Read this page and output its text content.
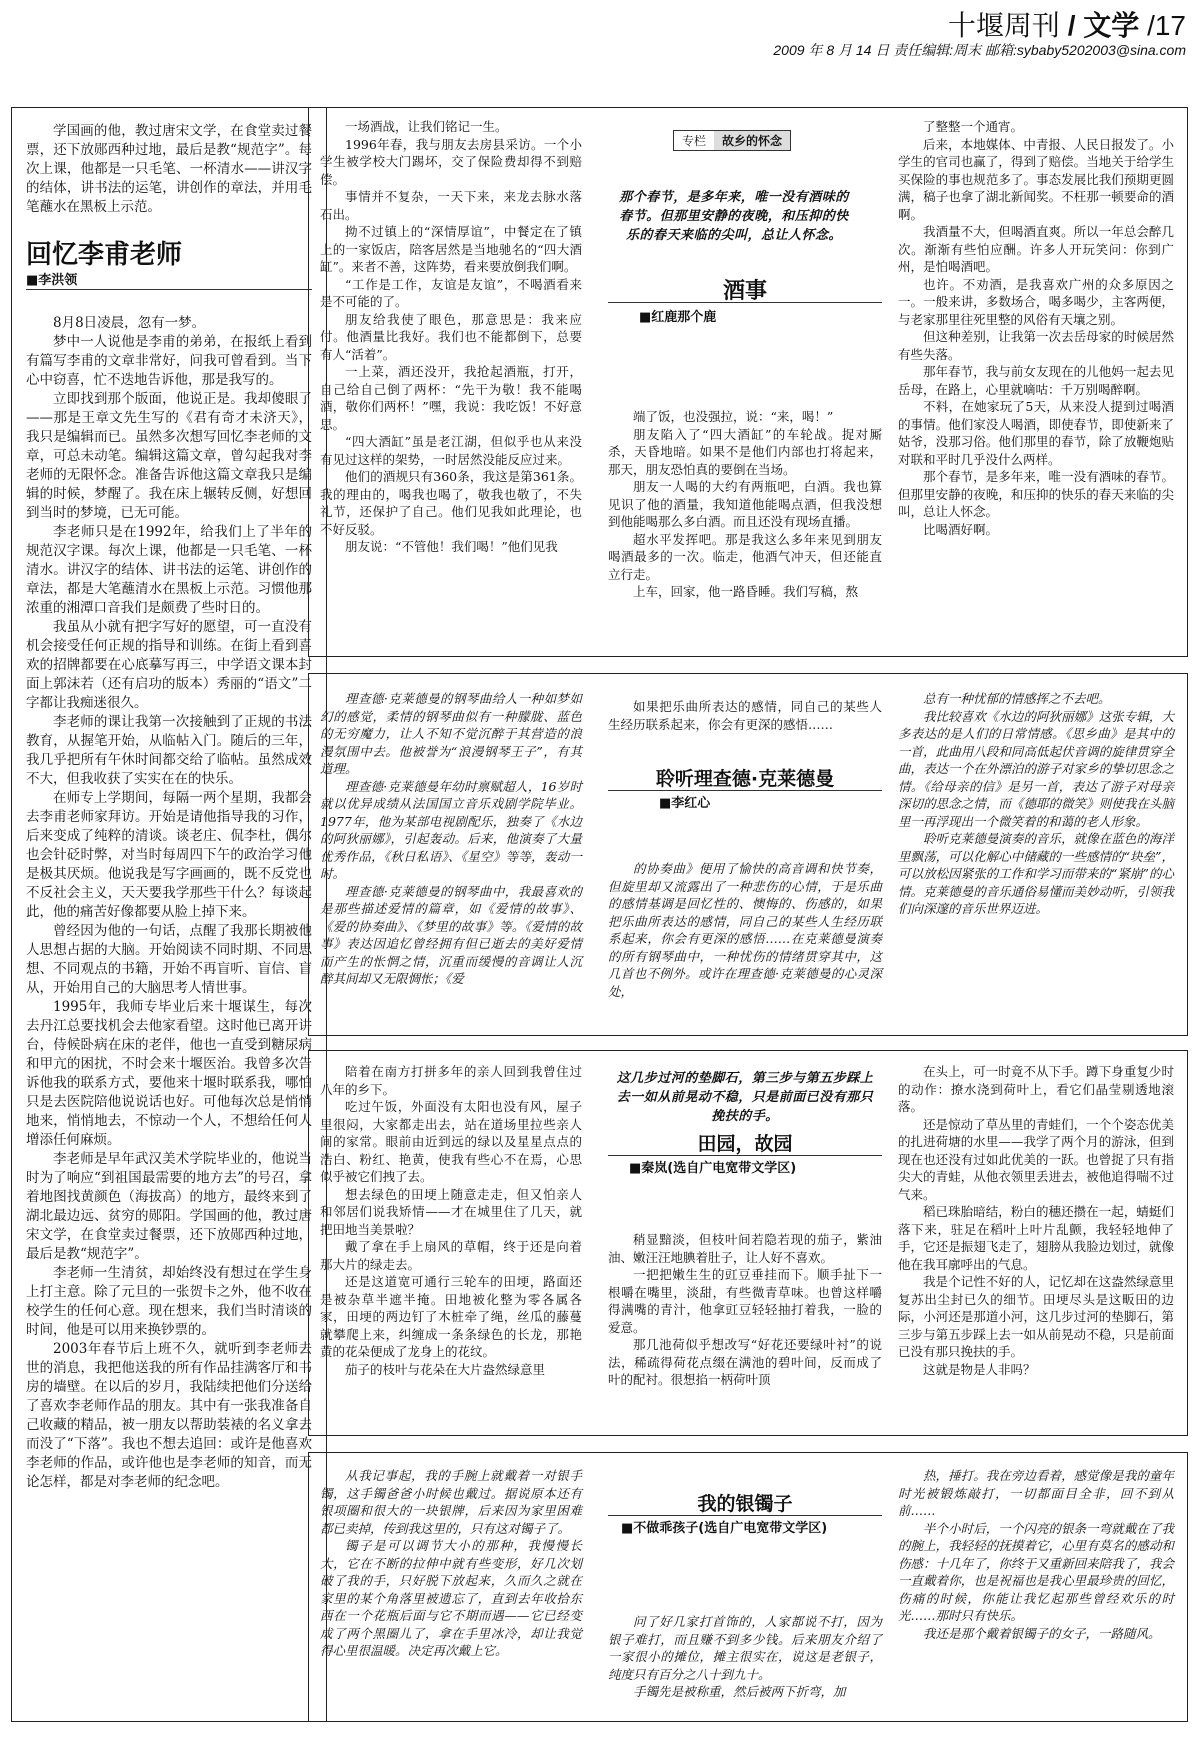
十堰周刊 / 文学 /17
2009 年 8 月 14 日 责任编辑:周末 邮箱:sybaby5202003@sina.com

学国画的他，教过唐宋文学，在食堂卖过餐票，还下放郧西种过地，最后是教“规范字”。每次上课，他都是一只毛笔、一杯清水——讲汉字的结体，讲书法的运笔，讲创作的章法，并用毛笔蘸水在黑板上示范。

回忆李甫老师
■李洪领

8月8日凌晨，忽有一梦。

梦中一人说他是李甫的弟弟，在报纸上看到有篇写李甫的文章非常好，问我可曾看到。当下心中窃喜，忙不迭地告诉他，那是我写的。

立即找到那个版面，他说正是。我却傻眼了——那是王章文先生写的《君有奇才未济天》，我只是编辑而已。虽然多次想写回忆李老师的文章，可总未动笔。编辑这篇文章，曾勾起我对李老师的无限怀念。准备告诉他这篇文章我只是编辑的时候，梦醒了。我在床上辗转反侧，好想回到当时的梦境，已无可能。

李老师只是在1992年，给我们上了半年的规范汉字课。每次上课，他都是一只毛笔、一杯清水。讲汉字的结体、讲书法的运笔、讲创作的章法，都是大笔蘸清水在黑板上示范。习惯他那浓重的湘潭口音我们是颇费了些时日的。

我虽从小就有把字写好的愿望，可一直没有机会接受任何正规的指导和训练。在街上看到喜欢的招牌都要在心底摹写再三，中学语文课本封面上郭沫若（还有启功的版本）秀丽的“语文”二字都让我痴迷很久。

李老师的课让我第一次接触到了正规的书法教育，从握笔开始，从临帖入门。随后的三年，我几乎把所有午休时间都交给了临帖。虽然成效不大，但我收获了实实在在的快乐。

在师专上学期间，每隔一两个星期，我都会去李甫老师家拜访。开始是请他指导我的习作，后来变成了纯粹的清谈。谈老庄、侃李杜，偶尔也会针砭时弊，对当时每周四下午的政治学习他是极其厌烦。他说我是写字画画的，既不反党也不反社会主义，天天要我学那些干什么？每谈起此，他的痛苦好像都要从脸上掉下来。

曾经因为他的一句话，点醒了我那长期被他人思想占据的大脑。开始阅读不同时期、不同思想、不同观点的书籍，开始不再盲听、盲信、盲从，开始用自己的大脑思考人情世事。

1995年，我师专毕业后来十堰谋生，每次去丹江总要找机会去他家看望。这时他已离开讲台，侍候卧病在床的老伴，他也一直受到糖尿病和甲亢的困扰，不时会来十堰医治。我曾多次告诉他我的联系方式，要他来十堰时联系我，哪怕只是去医院陪他说说话也好。可他每次总是悄悄地来，悄悄地去，不惊动一个人，不想给任何人增添任何麻烦。

李老师是早年武汉美术学院毕业的，他说当时为了响应“到祖国最需要的地方去”的号召，拿着地图找黄颜色（海拔高）的地方，最终来到了湖北最边远、贫穷的郧阳。学国画的他，教过唐宋文学，在食堂卖过餐票，还下放郧西种过地，最后是教“规范字”。

李老师一生清贫，却始终没有想过在学生身上打主意。除了元旦的一张贺卡之外，他不收在校学生的任何心意。现在想来，我们当时清谈的时间，他是可以用来换钞票的。

2003年春节后上班不久，就听到李老师去世的消息，我把他送我的所有作品挂满客厅和书房的墙壁。在以后的岁月，我陆续把他们分送给了喜欢李老师作品的朋友。其中有一张我准备自己收藏的精品，被一朋友以帮助装裱的名义拿去而没了“下落”。我也不想去追回：或许是他喜欢李老师的作品，或许他也是李老师的知音，而无论怎样，都是对李老师的纪念吧。

一场酒战，让我们铭记一生。

1996年春，我与朋友去房县采访。一个小学生被学校大门踢坏，交了保险费却得不到赔偿。

事情并不复杂，一天下来，来龙去脉水落石出。

拗不过镇上的“深情厚谊”，中餐定在了镇上的一家饭店，陪客居然是当地驰名的“四大酒缸”。来者不善，这阵势，看来要放倒我们啊。

“工作是工作，友谊是友谊”，不喝酒看来是不可能的了。

朋友给我使了眼色，那意思是：我来应付。他酒量比我好。我们也不能都倒下，总要有人“活着”。

一上菜，酒还没开，我抢起酒瓶，打开，自己给自己倒了两杯：“先干为敬！我不能喝酒，敬你们两杯！”嘿，我说：我吃饭！不好意思。

“四大酒缸”虽是老江湖，但似乎也从来没有见过这样的架势，一时居然没能反应过来。

他们的酒规只有360条，我这是第361条。我的理由的，喝我也喝了，敬我也敬了，不失礼节，还保护了自己。他们见我如此理论，也不好反驳。

朋友说：“不管他！我们喝！”他们见我

专栏	故乡的怀念
那个春节，是多年来，唯一没有酒味的春节。但那里安静的夜晚，和压抑的快乐的春天来临的尖叫，总让人怀念。
酒事
■红鹿那个鹿

端了饭，也没强拉，说：“来，喝！”

朋友陷入了“四大酒缸”的车轮战。捉对厮杀，天昏地暗。如果不是他们内部也打将起来，那天，朋友恐怕真的要倒在当场。

朋友一人喝的大约有两瓶吧，白酒。我也算见识了他的酒量，我知道他能喝点酒，但我没想到他能喝那么多白酒。而且还没有现场直播。

超水平发挥吧。那是我这么多年来见到朋友喝酒最多的一次。临走，他酒气冲天，但还能直立行走。

上车，回家，他一路昏睡。我们写稿，熬

了整整一个通宵。

后来，本地媒体、中青报、人民日报发了。小学生的官司也赢了，得到了赔偿。当地关于给学生买保险的事也规范多了。事态发展比我们预期更圆满，稿子也拿了湖北新闻奖。不枉那一顿要命的酒啊。

我酒量不大，但喝酒直爽。所以一年总会醉几次。渐渐有些怕应酬。许多人开玩笑问：你到广州，是怕喝酒吧。

也许。不劝酒，是我喜欢广州的众多原因之一。一般来讲，多数场合，喝多喝少，主客两便，与老家那里往死里整的风俗有天壤之别。

但这种差别，让我第一次去岳母家的时候居然有些失落。

那年春节，我与前女友现在的儿他妈一起去见岳母，在路上，心里就嘀咕：千万别喝醉啊。

不料，在她家玩了5天，从来没人提到过喝酒的事情。他们家没人喝酒，即使春节，即使新来了姑爷，没那习俗。他们那里的春节，除了放鞭炮贴对联和平时几乎没什么两样。

那个春节，是多年来，唯一没有酒味的春节。但那里安静的夜晚，和压抑的快乐的春天来临的尖叫，总让人怀念。

比喝酒好啊。

理查德·克莱德曼的钢琴曲给人一种如梦如幻的感觉，柔情的钢琴曲似有一种朦胧、蓝色的无穷魔力，让人不知不觉沉醉于其营造的浪漫氛围中去。他被誉为“浪漫钢琴王子”，有其道理。

理查德·克莱德曼年幼时禀赋超人，16岁时就以优异成绩从法国国立音乐戏剧学院毕业。1977年，他为某部电视剧配乐，独奏了《水边的阿狄丽娜》，引起轰动。后来，他演奏了大量优秀作品，《秋日私语》、《星空》等等，轰动一时。

理查德·克莱德曼的钢琴曲中，我最喜欢的是那些描述爱情的篇章，如《爱情的故事》、《爱的协奏曲》、《梦里的故事》等。《爱情的故事》表达因追忆曾经拥有但已逝去的美好爱情而产生的怅惘之情，沉重而缓慢的音调让人沉醉其间却又无限惆怅；《爱

如果把乐曲所表达的感情，同自己的某些人生经历联系起来，你会有更深的感悟……

聆听理查德·克莱德曼
■李红心

的协奏曲》便用了愉快的高音调和快节奏，但旋里却又流露出了一种悲伤的心情，于是乐曲的感情基调是回忆性的、懊悔的、伤感的，如果把乐曲所表达的感情，同自己的某些人生经历联系起来，你会有更深的感悟……在克莱德曼演奏的所有钢琴曲中，一种忧伤的情绪贯穿其中，这几首也不例外。或许在理查德·克莱德曼的心灵深处，

总有一种忧郁的情感挥之不去吧。

我比较喜欢《水边的阿狄丽娜》这张专辑，大多表达的是人们的日常情感。《思乡曲》是其中的一首，此曲用八段和同高低起伏音调的旋律贯穿全曲，表达一个在外漂泊的游子对家乡的挚切思念之情。《给母亲的信》是另一首，表达了游子对母亲深切的思念之情，而《德耶的微笑》则使我在头脑里一再浮现出一个微笑着的和蔼的老人形象。

聆听克莱德曼演奏的音乐，就像在蓝色的海洋里飘荡，可以化解心中储藏的一些感情的“块垒”，可以放松因紧张的工作和学习而带来的“紧崩”的心情。克莱德曼的音乐通俗易懂而美妙动听，引领我们向深邃的音乐世界迈进。

陪着在南方打拼多年的亲人回到我曾住过八年的乡下。

吃过午饭，外面没有太阳也没有风，屋子里很闷，大家都走出去，站在道场里拉些亲人间的家常。眼前由近到远的绿以及星星点点的浩白、粉红、艳黄，使我有些心不在焉，心思似乎被它们拽了去。

想去绿色的田埂上随意走走，但又怕亲人和邻居们说我矫情——才在城里住了几天，就把田地当美景啦？

戴了拿在手上扇风的草帽，终于还是向着那大片的绿走去。

还是这道宽可通行三轮车的田埂，路面还是被杂草半遮半掩。田地被化整为零各属各家，田埂的两边钉了木桩牵了绳，丝瓜的藤蔓就攀爬上来，纠缠成一条条绿色的长龙，那艳黄的花朵便成了龙身上的花纹。

茄子的枝叶与花朵在大片盎然绿意里

这几步过河的垫脚石，第三步与第五步踩上去一如从前晃动不稳，只是前面已没有那只挽扶的手。
田园，故园
■秦岚(选自广电宽带文学区)

稍显黯淡，但枝叶间若隐若现的茄子，紫油油、嫩汪汪地腆着肚子，让人好不喜欢。

一把把嫩生生的豇豆垂挂而下。顺手扯下一根嚼在嘴里，淡甜，有些微青草味。也曾这样嚼得满嘴的青汁，他拿豇豆轻轻抽打着我，一脸的爱意。

那几池荷似乎想改写“好花还要绿叶衬”的说法，稀疏得荷花点缀在满池的碧叶间，反而成了叶的配衬。很想掐一柄荷叶顶

在头上，可一时竟不从下手。蹲下身重复少时的动作：撩水浇到荷叶上，看它们晶莹剔透地滚落。

还是惊动了草丛里的青蛙们，一个个姿态优美的扎进荷塘的水里——我学了两个月的游泳，但到现在也还没有过如此优美的一跃。也曾捉了只有指尖大的青蛙，从他衣领里丢进去，被他追得喘不过气来。

稻已珠胎暗结，粉白的穗还攒在一起，蜻蜓们落下来，驻足在稻叶上叶片乱颤，我轻轻地伸了手，它还是振翅飞走了，翅膀从我脸边划过，就像他在我耳廓呼出的气息。

我是个记性不好的人，记忆却在这盎然绿意里复苏出尘封已久的细节。田埂尽头是这畈田的边际，小河还是那道小河，这几步过河的垫脚石，第三步与第五步踩上去一如从前晃动不稳，只是前面已没有那只挽扶的手。

这就是物是人非吗？

从我记事起，我的手腕上就戴着一对银手镯，这手镯爸爸小时候也戴过。据说原本还有银项圈和很大的一块银牌，后来因为家里困难都已卖掉，传到我这里的，只有这对镯子了。

镯子是可以调节大小的那种，我慢慢长大，它在不断的拉伸中就有些变形，好几次划破了我的手，只好脱下放起来，久而久之就在家里的某个角落里被遗忘了，直到去年收拾东西在一个花瓶后面与它不期而遇——它已经变成了两个黑圈儿了，拿在手里冰冷，却让我觉得心里很温暖。决定再次戴上它。

我的银镯子
■不做乖孩子(选自广电宽带文学区)

问了好几家打首饰的，人家都说不打，因为银子难打，而且赚不到多少钱。后来朋友介绍了一家很小的摊位，摊主很实在，说这是老银子，纯度只有百分之八十到九十。

手镯先是被称重，然后被两下折弯，加

热，捶打。我在旁边看着，感觉像是我的童年时光被锻炼敲打，一切都面目全非，回不到从前……

半个小时后，一个闪亮的银条一弯就戴在了我的腕上，我轻轻的抚摸着它，心里有莫名的感动和伤感：十几年了，你终于又重新回来陪我了，我会一直戴着你，也是祝福也是我心里最珍贵的回忆，伤痛的时候，你能让我忆起那些曾经欢乐的时光……那时只有快乐。

我还是那个戴着银镯子的女子，一路随风。
